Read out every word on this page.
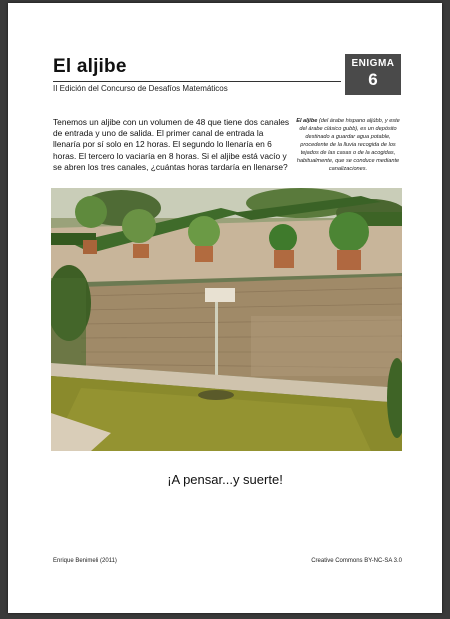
El aljibe
II Edición del Concurso de Desafíos Matemáticos
ENIGMA
6
Tenemos un aljibe con un volumen de 48 que tiene dos canales de entrada y uno de salida. El primer canal de entrada la llenaría por sí solo en 12 horas. El segundo lo llenaría en 6 horas. El tercero lo vaciaría en 8 horas. Si el aljibe está vacío y se abren los tres canales, ¿cuántas horas tardaría en llenarse?
El aljibe (del árabe hispano aljúbb, y este del árabe clásico gubb), es un depósito destinado a guardar agua potable, procedente de la lluvia recogida de los tejados de las casas o de la acogidas, habitualmente, que se conduce mediante canalizaciones.
¡A pensar...y suerte!
Enrique Benimeli (2011)	Creative Commons BY-NC-SA 3.0
